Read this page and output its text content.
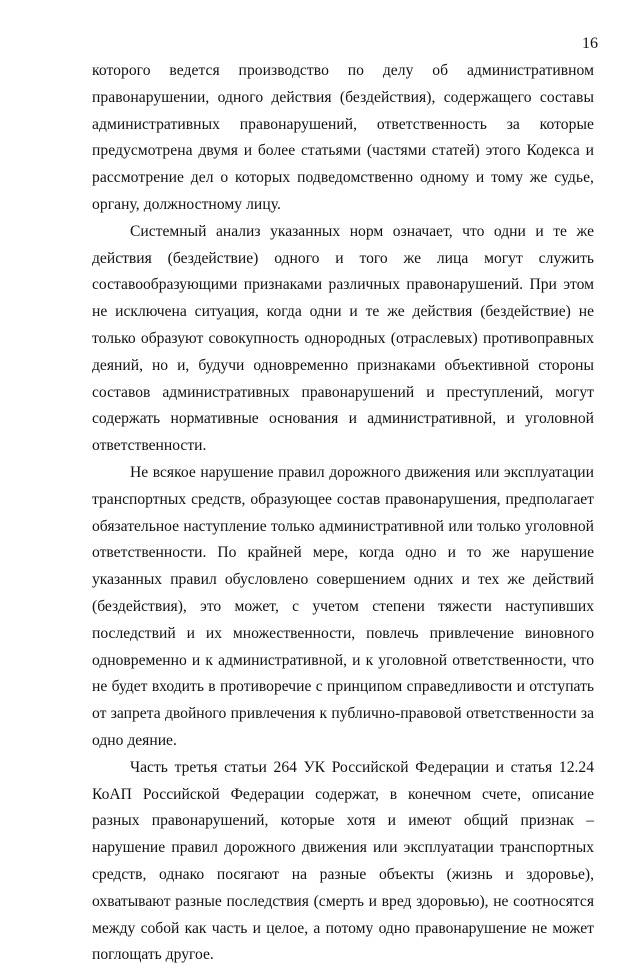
16

которого ведется производство по делу об административном правонарушении, одного действия (бездействия), содержащего составы административных правонарушений, ответственность за которые предусмотрена двумя и более статьями (частями статей) этого Кодекса и рассмотрение дел о которых подведомственно одному и тому же судье, органу, должностному лицу.

Системный анализ указанных норм означает, что одни и те же действия (бездействие) одного и того же лица могут служить составообразующими признаками различных правонарушений. При этом не исключена ситуация, когда одни и те же действия (бездействие) не только образуют совокупность однородных (отраслевых) противоправных деяний, но и, будучи одновременно признаками объективной стороны составов административных правонарушений и преступлений, могут содержать нормативные основания и административной, и уголовной ответственности.

Не всякое нарушение правил дорожного движения или эксплуатации транспортных средств, образующее состав правонарушения, предполагает обязательное наступление только административной или только уголовной ответственности. По крайней мере, когда одно и то же нарушение указанных правил обусловлено совершением одних и тех же действий (бездействия), это может, с учетом степени тяжести наступивших последствий и их множественности, повлечь привлечение виновного одновременно и к административной, и к уголовной ответственности, что не будет входить в противоречие с принципом справедливости и отступать от запрета двойного привлечения к публично-правовой ответственности за одно деяние.

Часть третья статьи 264 УК Российской Федерации и статья 12.24 КоАП Российской Федерации содержат, в конечном счете, описание разных правонарушений, которые хотя и имеют общий признак – нарушение правил дорожного движения или эксплуатации транспортных средств, однако посягают на разные объекты (жизнь и здоровье), охватывают разные последствия (смерть и вред здоровью), не соотносятся между собой как часть и целое, а потому одно правонарушение не может поглощать другое.
